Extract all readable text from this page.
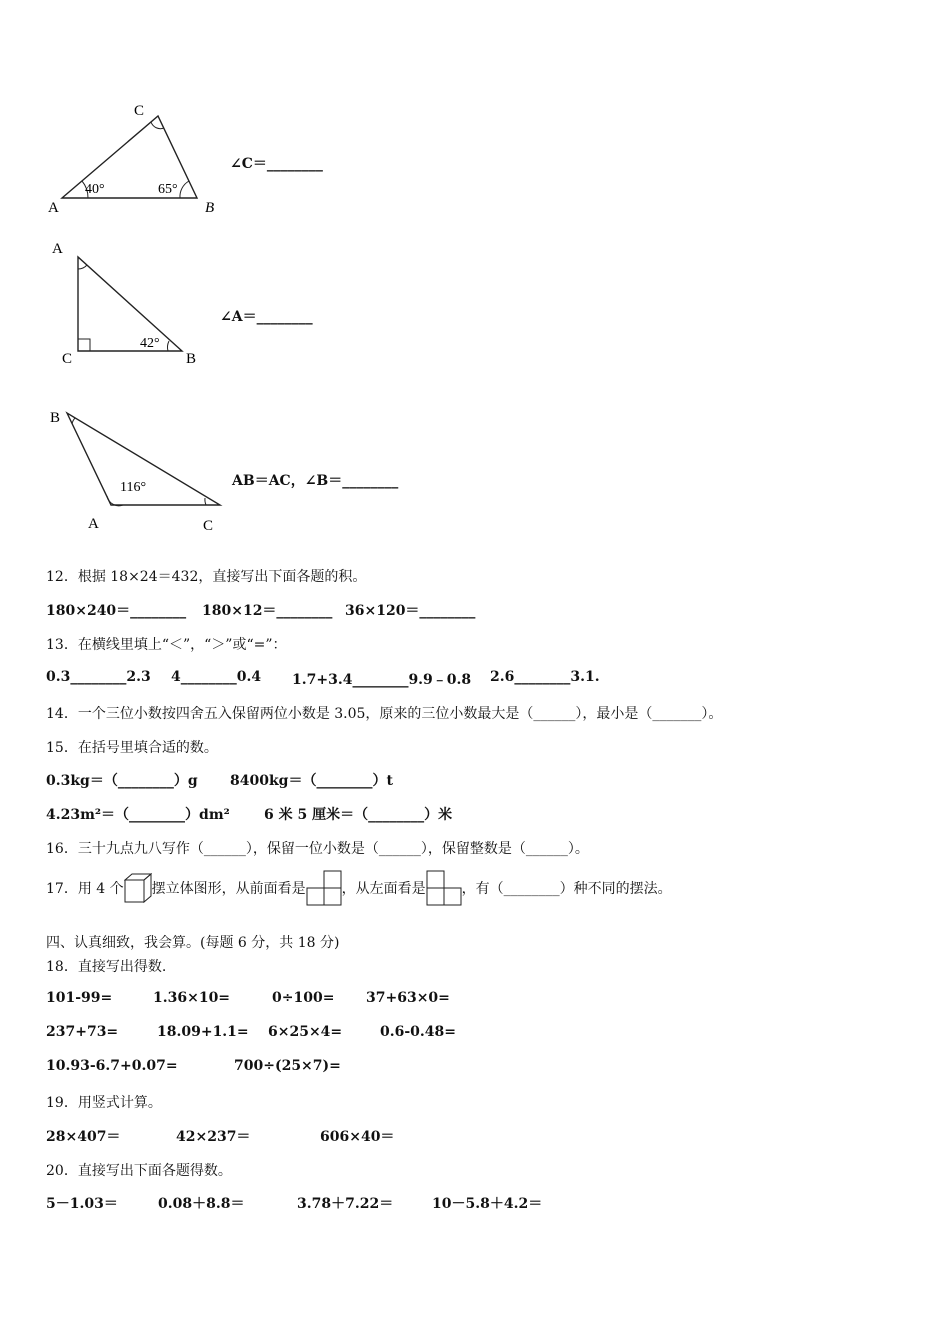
C
A	B
40°	65°
∠C＝________
A
C	B
42°
∠A＝________
B
A	C
116°	AB＝AC，∠B＝________
12．根据 18×24＝432，直接写出下面各题的积。
180×240＝________ 180×12＝________ 36×120＝________
13．在横线里填上“＜”，“＞”或“=”：
0.3________2.3 4________0.4 1.7+3.4________9.9﹣0.8 2.6________3.1.
14．一个三位小数按四舍五入保留两位小数是 3.05，原来的三位小数最大是（______），最小是（_______）。
15．在括号里填合适的数。
0.3kg＝（________）g 8400kg＝（________）t
4.23m²＝（________）dm² 6 米 5 厘米＝（________）米
16．三十九点九八写作（______），保留一位小数是（______），保留整数是（______）。
17．用 4 个 摆立体图形，从前面看是	，从左面看是	，有（________）种不同的摆法。
四、认真细致，我会算。(每题 6 分，共 18 分)
18．直接写出得数.
101-99=	1.36×10=	0÷100= 37+63×0=
237+73=	18.09+1.1= 6×25×4=	0.6-0.48=
10.93-6.7+0.07=	700÷(25×7)=
19．用竖式计算。
28×407＝	42×237＝	606×40＝
20．直接写出下面各题得数。
5－1.03＝	0.08＋8.8＝	3.78＋7.22＝	10－5.8＋4.2＝
